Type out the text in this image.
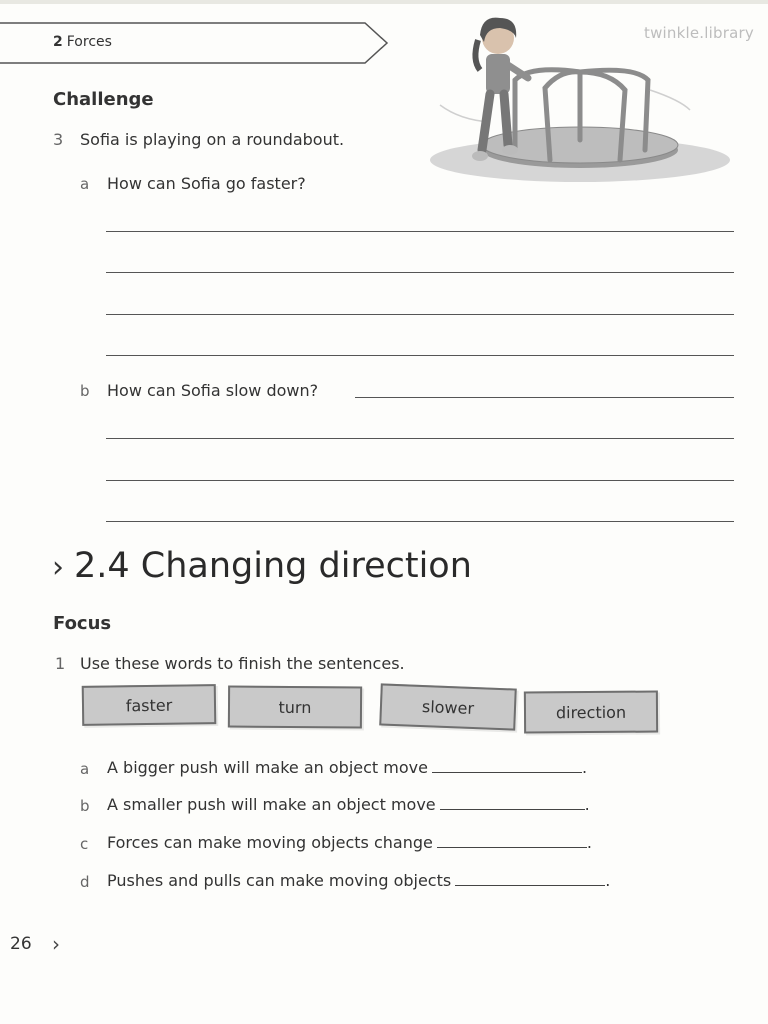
2 Forces	twinkle.library
Challenge
3 Sofia is playing on a roundabout.
a How can Sofia go faster?
b How can Sofia slow down?
› 2.4 Changing direction
Focus
1 Use these words to finish the sentences.
faster	turn	slower	direction
a A bigger push will make an object move	.
b A smaller push will make an object move	.
c Forces can make moving objects change	.
d Pushes and pulls can make moving objects	.
26 ›
